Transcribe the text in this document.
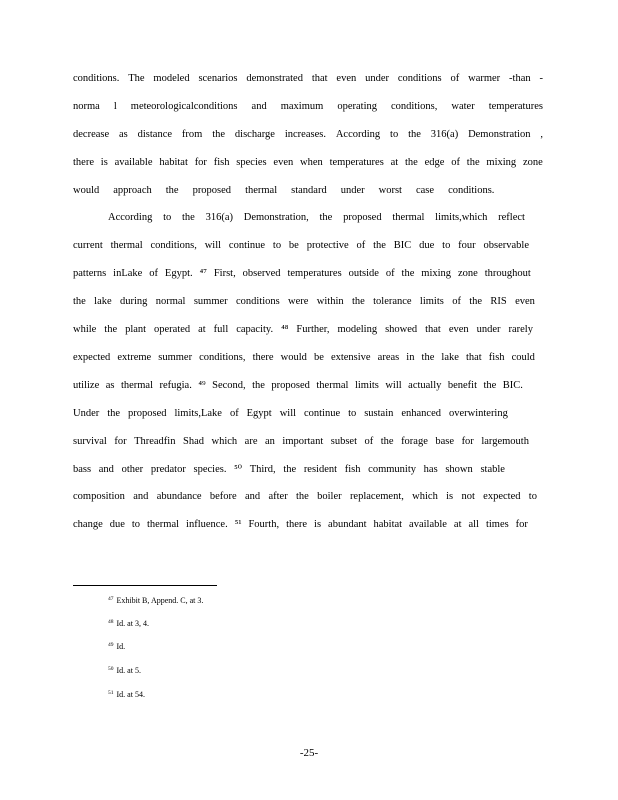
conditions. The modeled scenarios demonstrated that even under conditions of warmer -than -
norma l meteorologicalconditions and maximum operating conditions, water temperatures
decrease as distance from the discharge increases. According to the 316(a) Demonstration ,
there is available habitat for fish species even when temperatures at the edge of the mixing zone
would approach the proposed thermal standard under worst case conditions.
According to the 316(a) Demonstration, the proposed thermal limits,which reflect
current thermal conditions, will continue to be protective of the BIC due to four observable
patterns inLake of Egypt. ⁴⁷ First, observed temperatures outside of the mixing zone throughout
the lake during normal summer conditions were within the tolerance limits of the RIS even
while the plant operated at full capacity. ⁴⁸ Further, modeling showed that even under rarely
expected extreme summer conditions, there would be extensive areas in the lake that fish could
utilize as thermal refugia. ⁴⁹ Second, the proposed thermal limits will actually benefit the BIC.
Under the proposed limits,Lake of Egypt will continue to sustain enhanced overwintering
survival for Threadfin Shad which are an important subset of the forage base for largemouth
bass and other predator species. ⁵⁰ Third, the resident fish community has shown stable
composition and abundance before and after the boiler replacement, which is not expected to
change due to thermal influence. ⁵¹ Fourth, there is abundant habitat available at all times for
$^{47}$ Exhibit B, Append. C, at 3.
$^{48}$ Id. at 3, 4.
$^{49}$ Id.
$^{50}$ Id. at 5.
$^{51}$ Id. at 54.
-25-
